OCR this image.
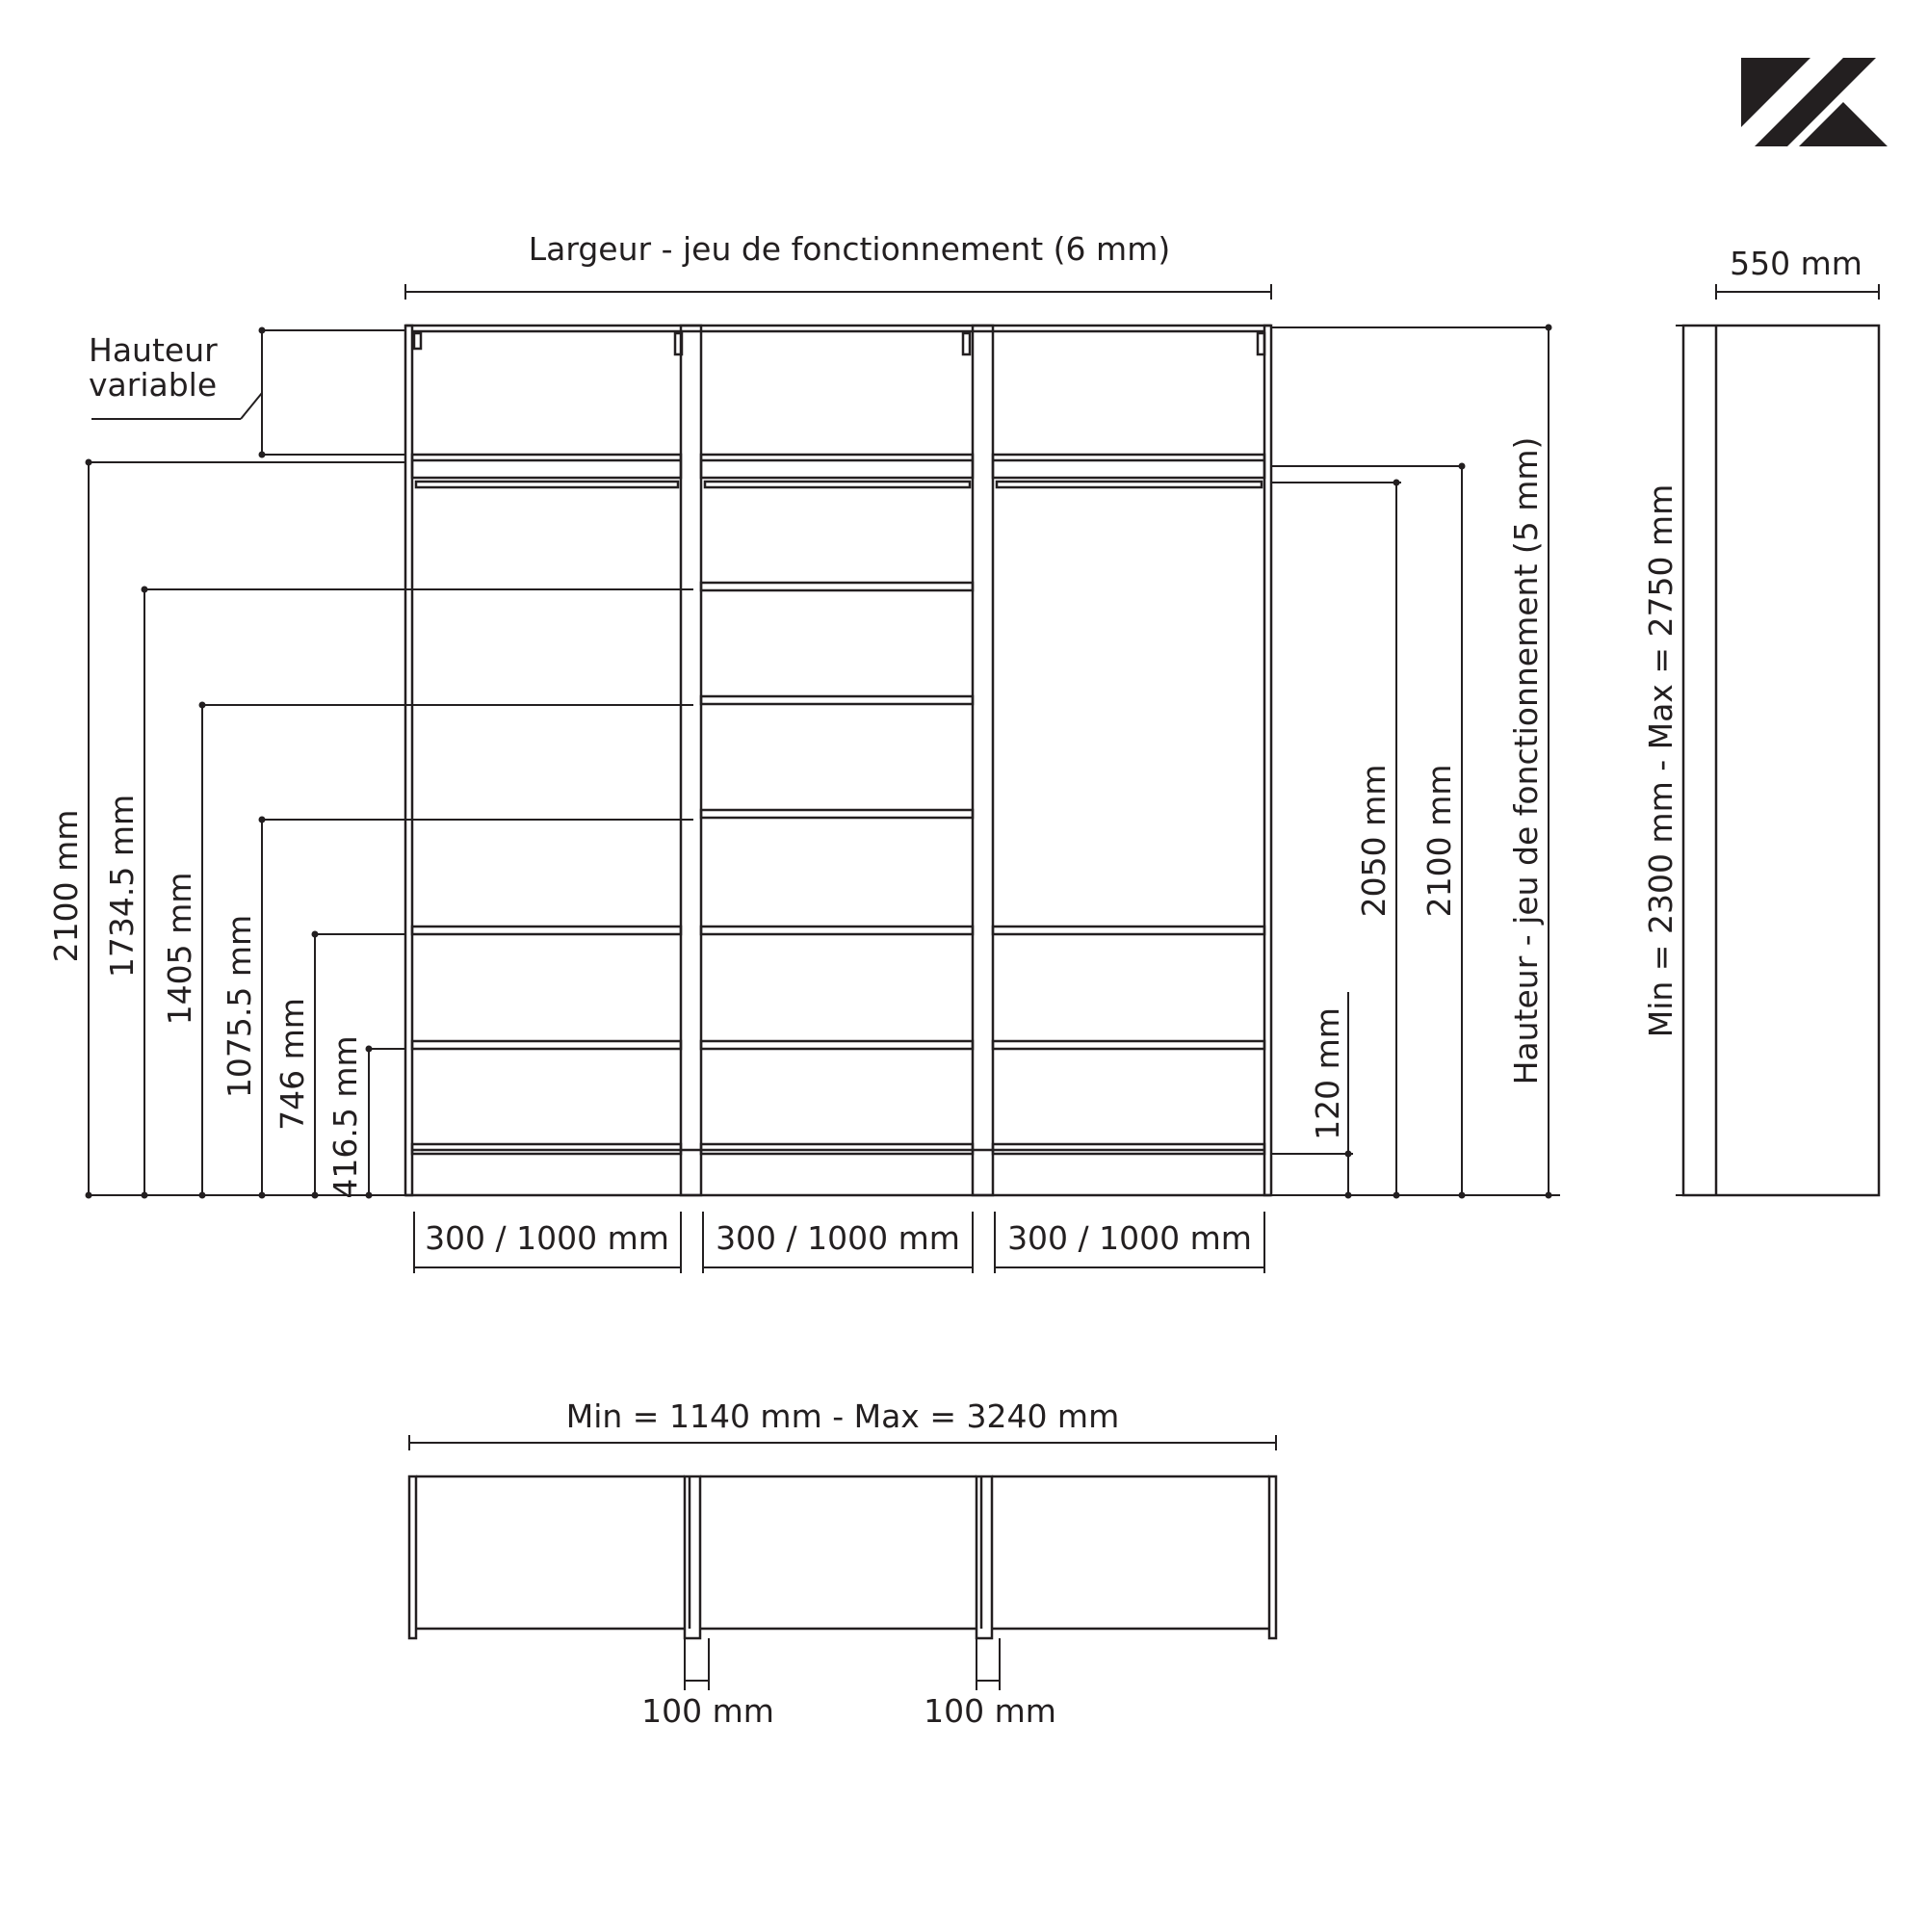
Largeur - jeu de fonctionnement (6 mm)
Hauteur
variable
2100 mm 1734.5 mm 1405 mm 1075.5 mm 746 mm 416.5 mm	120 mm
2050 mm 2100 mm Hauteur - jeu de fonctionnement (5 mm)
300 / 1000 mm 300 / 1000 mm 300 / 1000 mm
550 mm
Min = 2300 mm - Max = 2750 mm
Min = 1140 mm - Max = 3240 mm
100 mm	100 mm
